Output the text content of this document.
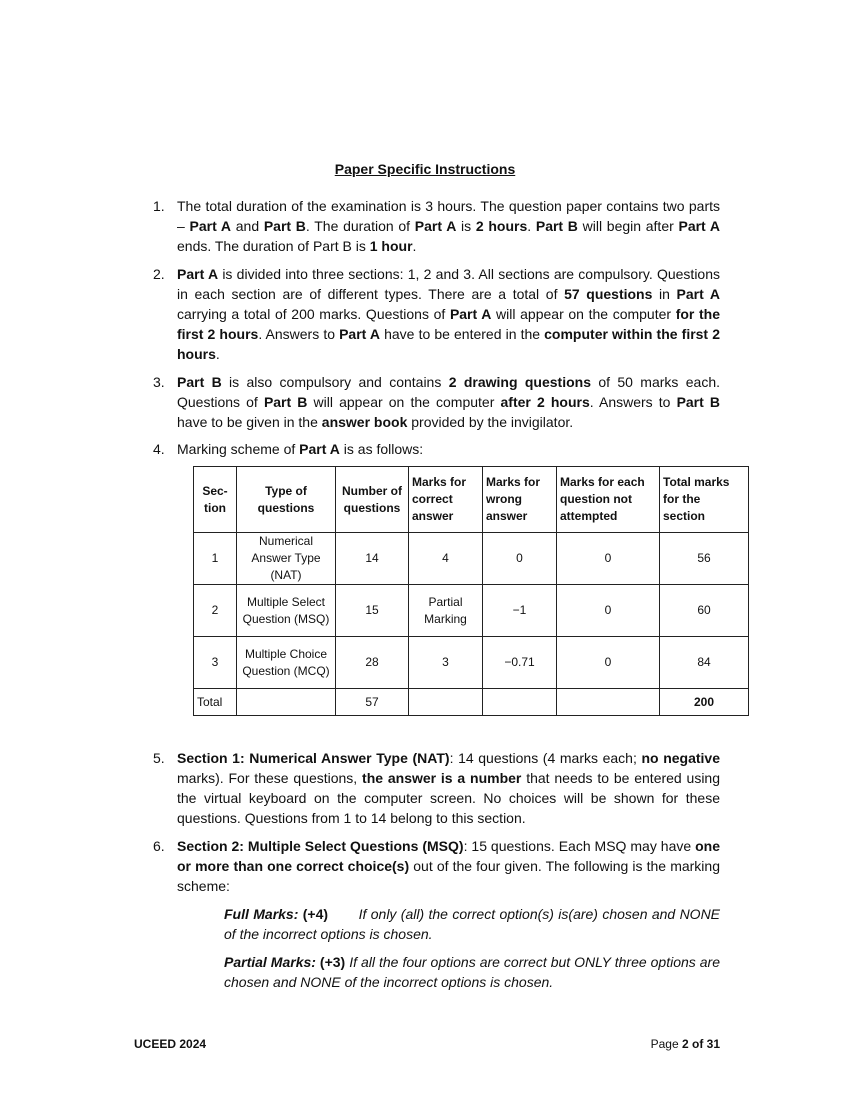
Paper Specific Instructions
1. The total duration of the examination is 3 hours. The question paper contains two parts – Part A and Part B. The duration of Part A is 2 hours. Part B will begin after Part A ends. The duration of Part B is 1 hour.
2. Part A is divided into three sections: 1, 2 and 3. All sections are compulsory. Questions in each section are of different types. There are a total of 57 questions in Part A carrying a total of 200 marks. Questions of Part A will appear on the computer for the first 2 hours. Answers to Part A have to be entered in the computer within the first 2 hours.
3. Part B is also compulsory and contains 2 drawing questions of 50 marks each. Questions of Part B will appear on the computer after 2 hours. Answers to Part B have to be given in the answer book provided by the invigilator.
4. Marking scheme of Part A is as follows:
Sec-tion	Type of questions	Number of questions	Marks for correct answer	Marks for wrong answer	Marks for each question not attempted	Total marks for the section
1	Numerical Answer Type (NAT)	14	4	0	0	56
2	Multiple Select Question (MSQ)	15	Partial Marking	−1	0	60
3	Multiple Choice Question (MCQ)	28	3	−0.71	0	84
Total		57				200
5. Section 1: Numerical Answer Type (NAT): 14 questions (4 marks each; no negative marks). For these questions, the answer is a number that needs to be entered using the virtual keyboard on the computer screen. No choices will be shown for these questions. Questions from 1 to 14 belong to this section.
6. Section 2: Multiple Select Questions (MSQ): 15 questions. Each MSQ may have one or more than one correct choice(s) out of the four given. The following is the marking scheme:
Full Marks: (+4) If only (all) the correct option(s) is(are) chosen and NONE of the incorrect options is chosen.
Partial Marks: (+3) If all the four options are correct but ONLY three options are chosen and NONE of the incorrect options is chosen.
UCEED 2024	Page 2 of 31
